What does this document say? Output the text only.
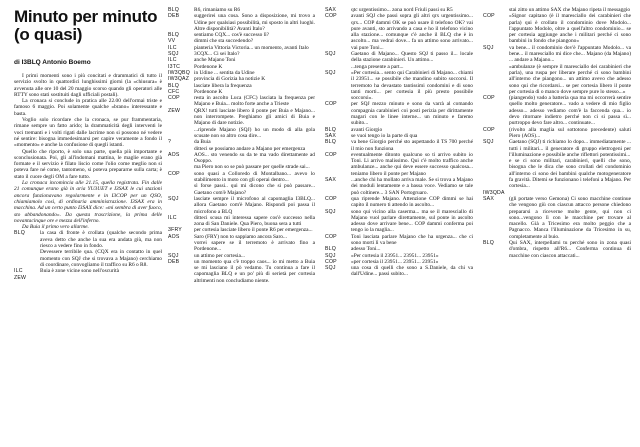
Minuto per minuto
(o quasi)
di I3BLQ Antonio Boemo

I primi momenti sono i più concitati e drammatici di tutto il servizio svolto in quattordici lunghissimi giorni (la «chiusura» è avvenuta alle ore 10 del 20 maggio scorso quando gli operatori alle RTTY sono stati sostituiti dagli ufficiali postali).

La cronaca si conclude in pratica alle 22.00 dell'ormai triste e famoso 6 maggio. Poi solamente qualche «brano» interessante e basta.

Voglio solo ricordare che la cronaca, se pur frammentaria, rimane sempre un fatto arido; la drammaticità degli interventi le voci tremanti e i volti rigati dalle lacrime non si possono né vedere né sentire: bisogna immedesimarsi per capire veramente a fondo il «momento» e anche la confusione di quegli istanti.

Quello che riporto, è solo una parte, quella più importante e sconclusionata. Poi, gli all'indomani mattina, le maglie erano già formate e il servizio è filato liscio come l'olio come meglio non si poteva fare né come, tantomeno, si poteva prepararne sulla carta; è stato il cuore degli OM a fare tutto.

La cronaca incomincia alle 21.15, quella registrata. Fin dalle 21 comunque erano già in aria YU3UET e I3SAX le cui stazioni ancora funzionavano regolarmente e in I3COP per un QSO, chiamiamolo così, di ordinaria amministrazione. I3SAX era in macchina. Ad un certo punto I3SAX dice: «mi sembra di aver fuoco, sto abbandonando». Da questa trascrizione, la prima delle novantacinque ore e mezza dell'inferno.

Da Buia il primo vero allarme.

BLQ	la casa di fronte è crollata (qualche secondo prima aveva detto che anche la sua era andata giù, ma non riesco a vedere fino in fondo.
Devessere terribile qua. (CQX era in contatto in quel momento con SQJ che si trovava a Majano) cerchiamo di coordinare, convogliamo il traffico su R6 o R8.
ILC	Buia è zone vicine sono nell'oscurità
ZEW
BLQ	R6, rimaniamo su R6
DEB	suggerirei una cosa. Sono a disposizione, mi trovo a Udine per qualsiasi possibilità, mi sposto in altri luoghi. Altre disponibilità? Avanti Italo?
BLQ	sentiamo CQX... cos'è successo lì?
VV	dimmi che sta succedendo?
ILC	pianteria Vittoria Victoria... un momento, avanti Italo
SQJ	3CQX... Ci sei Italo?
ILC	anche Majano Toni
I3TC	Pordenone K
IW3QBQ in Udine ... sentita da Udine
IW3QAZ provincia di Gorizia ha notizie K
BLQ	lasciate libera la frequenza
CFC	Pordenone K
COP	resta in ascolto Luca (CFC) lasciata la frequenza per Majano e Buia... molto forte anche a Trieste
ZEW	QRX! tutti lasciate libero il ponte per Buia e Majano... non interrompete. Preghiamo gli amici di Buia e Majano di dare notizie.
...riprende Majano (SQJ) ho un modo di alla gola scusate non so altro cosa dire...
?	da Buia
ditteci se possiamo andare a Majano per emergenza
AOS	AOS... sto venendo su da te ma vado direttamente ad Osoppo.
ma Piero non so se può passare per quelle strade sai...
COP	sono quasi a Colloredo di Montalbano... avevo lo stabilimento in moto con gli operai dentro...
sì forse passi.. qui mi dicono che si può passare... Gaetano com'è Majano?
SQJ	lasciate sempre il microfono al capomaglia I3BLQ... allora Gaetano com'è Majano. Rispondi poi passa il microfono a BLQ
ILC	ditteci scusa mi interessa sapere cos'è successo nella zona di San Daniele. Qua Piero, buona sera a tutti
3FRY	per cortesia lasciate libero il ponte R6 per emergenza...
AOS	Saro (FRY) non to sappiamo ancora Saro...
vorrei sapere se il terremoto è arrivato fino a Pordenone...
SQJ	un attimo per cortesia...
DEB	un momento qua c'è troppo caos... io mi metto a Buia se mi lasciano il pò vedamo. Tu continua a fare il capomaglia BLQ e un po' più di serietà per cortesia altrimenti non concludiamo niente.
SAX	qtc urgentissimo... zona nord Friuli passi su R5
COP	avanti SQJ che passi sopra gli altri qrx urgentissimo... qrx... COP dammi OK se può usare il telefono OK? vai pure avanti, sto arrivando a casa e ho il telefono vicino alla stazione... comunque c'è anche il BLQ che è in ascolto... ma vedrai dove... fa un attimo sono arrivato... vai pure Toni...
SQJ	Gaetano di Majano... Questo SQJ ti passo il... locale della stazione carabinieri. Un attimo...
...tenga presente a part...
SQJ	«Per cortesia... sento qui Carabinieri di Majano... chiami il 23951... se possibile che mandino subito soccorsi. Il terremoto ha devastato tantissimi condomini e di sono tanti morti... per cortesia il più presto possibile soccorsi».
COP	per SQJ mezzo minuto e sono da varrà al comando compagnia carabinieri coi posti perizia per dirittamente magari con le linee interne... un minuto e faremo subito...
BLQ	avanti Giorgio
SAX	se vuoi tengo io la parte di qua
BLQ	va bene Giorgio perché sto aspettando il TS 700 perché il mio non funziona
COP	eventualmente ditonto qualcuno so ti arrivo subito io Toni. Li arrivo malissimo. Qui c'è molto traffico anche ambulanze... anche qui deve essere successo qualcosa... teniamo libero il ponte per Majano
SAX	...anche chi ha mollato arriva male. Se si trova a Majano dei moduli lentamente e a bassa voce. Vediamo se tale può coltinere... 3 SAN Portogruaro.
COP	qua riprende Majano. Attenzione COP dimmi se hai capito il numero ti attendo in ascolto...
SQJ	sono qui vicino alla caserma... ma se il maresciallo di Majano vuol parlare direttamente, sul ponte in ascolto adesso dove arrivare bene... COP dammi conferma poi tengo io la maglia...
COP	Toni lasciata parlare Majano che ha urgenza... che ci sono morti lì va bene
BLQ	adesso Toni...
SQJ	«Per cortesia il 23951... 23951... 23951»
COP	«per cortesia il 23951... 23951... 23951»
SQJ	una cosa di quelli che sono a S.Daniele, da chi va dall'Udine... passi subito...
stai zitto un attimo SAX che Majano ripeta il messaggio
COP	«Signor capitano (è il maresciallo dei carabinieri che parla) qui è crollato il condominio dove Modolo... l'appuntato Modolo, oltre a quell'altro condominio... se per cortesia aggiunge anche i militari perché ci sono bambini in fondo che piangono»
SQJ	va bene... il condominio dov'è l'appuntato Modolo... va bene... il maresciallo mi dice che... Majano (da Majano) ... andare a Majano...
«ambulanze (è sempre il maresciallo dei carabinieri che parla), una ruspa per liberare perché ci sono bambini all'interno che piangono... un attimo avevo che adesso sono qui che ricordarsi... se per cortesia libero il ponte per cortesia di o manco dove sempre pure lo stesso...»
COP	(piangendo) vado a batteria qua ma mi occorrerà sentire quello molto generatore... vado a vedere di mio figlio adesso... adesso vediamo com'è la faccenda qua... io devo ritornare indietro perché non ci si passa sì... purtroppo devo fare altro... continuate...
COP	(rivolto alla maglia sul sottotono precedente) saluti Piero (AOS)...
SQJ	Gaetano (SQJ) ti richiamo lo dopo... immediatamente ... tutti i militari... il generatore di gruppo elettrogeni per l'illuminazione e possibile anche riflettori potentissimi...
e se ci sono militari, carabinieri, quelli che sono, bisogna che le dica che sono crollati del condominio all'interno ci sono dei bambini qualche motogeneratore fa gravità. Ditemi se funzionano i telefoni a Majano. Per cortesia...
IW3QDA
SAX	(gli portate verso Gemona) Ci sono macchine continue che vengono giù con ciascun attacco persone chiedono prepararsi a riceverne molte gente, qui non ci sono...vengono lì con le macchine per trovare al macello. Già a Tricesimo era molto peggio che a Pagnacco. Manca l'illuminazione da Tricesimo in su, completamente al buio.
BLQ	Qui SAX, interpellami tu perché sono in zona quasi d'ombra, rispetto all'R6... Conferma continua di macchine con ciascon attaccati...
